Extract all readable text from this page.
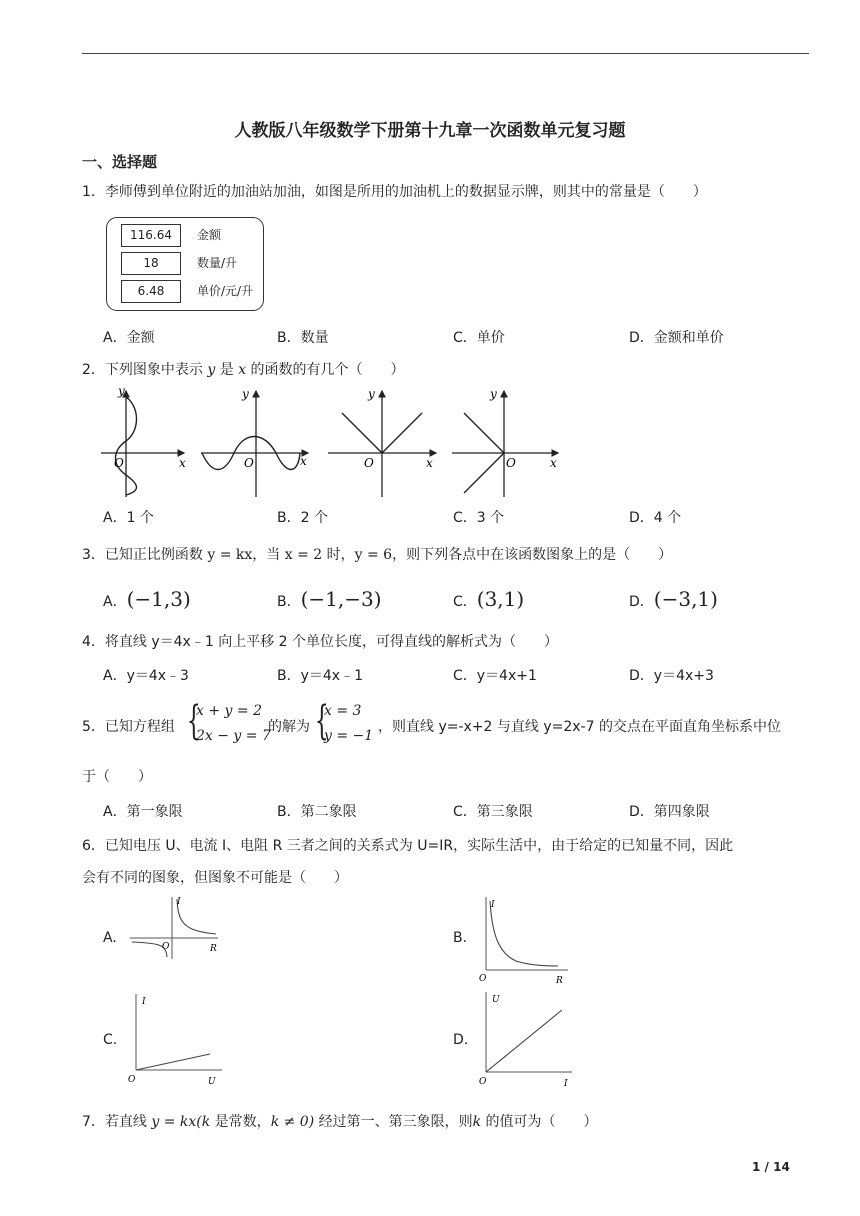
人教版八年级数学下册第十九章一次函数单元复习题
一、选择题
1．李师傅到单位附近的加油站加油，如图是所用的加油机上的数据显示牌，则其中的常量是（　　）
116.64	金额
18	数量/升
6.48	单价/元/升
A．金额	B．数量	C．单价	D．金额和单价
2．下列图象中表示 y 是 x 的函数的有几个（　　）
y
x
O
y
x
O
y
x
O
y
x
O
A．1 个	B．2 个	C．3 个	D．4 个
3．已知正比例函数 y = kx，当 x = 2 时，y = 6，则下列各点中在该函数图象上的是（　　）
A．(−1,3)	B．(−1,−3)	C．(3,1)	D．(−3,1)
4．将直线 y＝4x﹣1 向上平移 2 个单位长度，可得直线的解析式为（　　）
A．y＝4x﹣3	B．y＝4x﹣1	C．y＝4x+1	D．y＝4x+3
5．已知方程组 {
x + y = 2
2x − y = 7
的解为 {
x = 3
y = −1
，则直线 y=-x+2 与直线 y=2x-7 的交点在平面直角坐标系中位
于（　　）
A．第一象限	B．第二象限	C．第三象限	D．第四象限
6．已知电压 U、电流 I、电阻 R 三者之间的关系式为 U=IR，实际生活中，由于给定的已知量不同，因此
会有不同的图象，但图象不可能是（　　）
A.
I
R
O
B.
I
R
O
C.
I
U
O
D.
U
I
O
7．若直线 y = kx(k 是常数，k ≠ 0) 经过第一、第三象限，则k 的值可为（　　）
1 / 14
